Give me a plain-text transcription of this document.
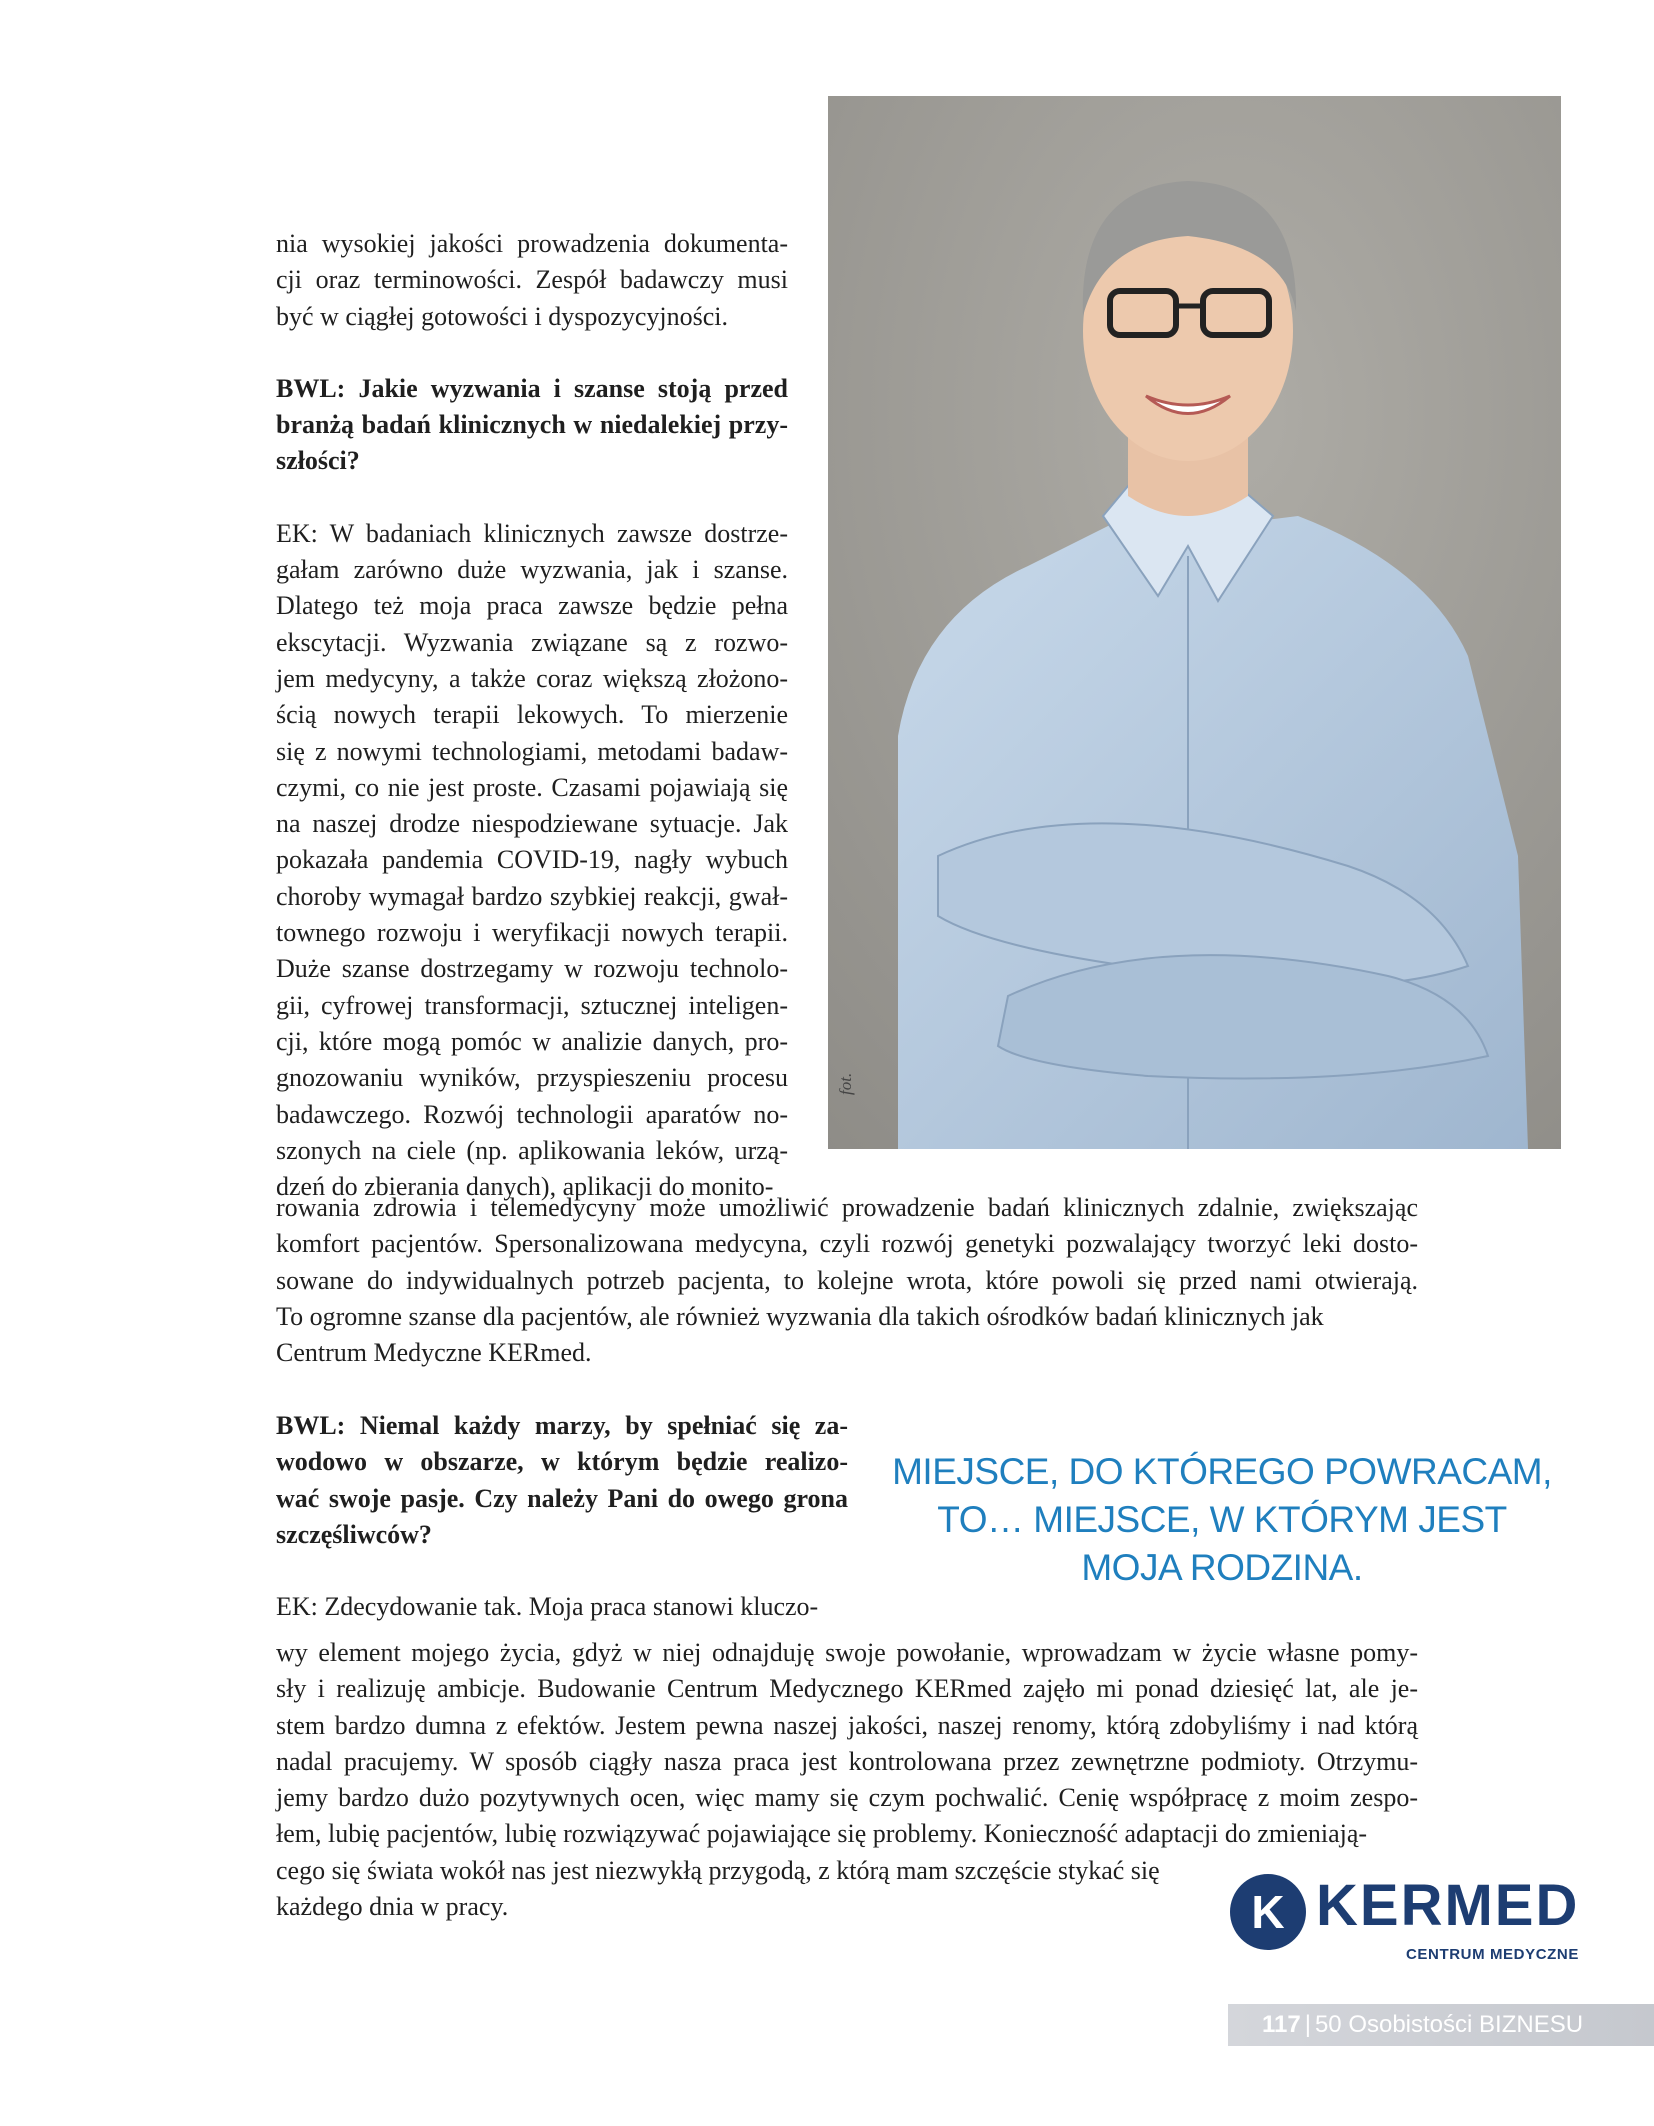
nia wysokiej jakości prowadzenia dokumenta-
cji oraz terminowości. Zespół badawczy musi
być w ciągłej gotowości i dyspozycyjności.

BWL: Jakie wyzwania i szanse stoją przed
branżą badań klinicznych w niedalekiej przy-
szłości?

EK: W badaniach klinicznych zawsze dostrze-
gałam zarówno duże wyzwania, jak i szanse.
Dlatego też moja praca zawsze będzie pełna
ekscytacji. Wyzwania związane są z rozwo-
jem medycyny, a także coraz większą złożono-
ścią nowych terapii lekowych. To mierzenie
się z nowymi technologiami, metodami badaw-
czymi, co nie jest proste. Czasami pojawiają się
na naszej drodze niespodziewane sytuacje. Jak
pokazała pandemia COVID-19, nagły wybuch
choroby wymagał bardzo szybkiej reakcji, gwał-
townego rozwoju i weryfikacji nowych terapii.
Duże szanse dostrzegamy w rozwoju technolo-
gii, cyfrowej transformacji, sztucznej inteligen-
cji, które mogą pomóc w analizie danych, pro-
gnozowaniu wyników, przyspieszeniu procesu
badawczego. Rozwój technologii aparatów no-
szonych na ciele (np. aplikowania leków, urzą-
dzeń do zbierania danych), aplikacji do monito-

rowania zdrowia i telemedycyny może umożliwić prowadzenie badań klinicznych zdalnie, zwiększając
komfort pacjentów. Spersonalizowana medycyna, czyli rozwój genetyki pozwalający tworzyć leki dosto-
sowane do indywidualnych potrzeb pacjenta, to kolejne wrota, które powoli się przed nami otwierają.
To ogromne szanse dla pacjentów, ale również wyzwania dla takich ośrodków badań klinicznych jak

Centrum Medyczne KERmed.

BWL: Niemal każdy marzy, by spełniać się za-
wodowo w obszarze, w którym będzie realizo-
wać swoje pasje. Czy należy Pani do owego grona
szczęśliwców?

EK: Zdecydowanie tak. Moja praca stanowi kluczo-

wy element mojego życia, gdyż w niej odnajduję swoje powołanie, wprowadzam w życie własne pomy-
sły i realizuję ambicje. Budowanie Centrum Medycznego KERmed zajęło mi ponad dziesięć lat, ale je-
stem bardzo dumna z efektów. Jestem pewna naszej jakości, naszej renomy, którą zdobyliśmy i nad którą
nadal pracujemy. W sposób ciągły nasza praca jest kontrolowana przez zewnętrzne podmioty. Otrzymu-
jemy bardzo dużo pozytywnych ocen, więc mamy się czym pochwalić. Cenię współpracę z moim zespo-
łem, lubię pacjentów, lubię rozwiązywać pojawiające się problemy. Konieczność adaptacji do zmieniają-

cego się świata wokół nas jest niezwykłą przygodą, z którą mam szczęście stykać się

każdego dnia w pracy.

fot.
MIEJSCE, DO KTÓREGO POWRACAM,
TO… MIEJSCE, W KTÓRYM JEST
MOJA RODZINA.
K KERMED
CENTRUM MEDYCZNE
117 | 50 Osobistości BIZNESU
